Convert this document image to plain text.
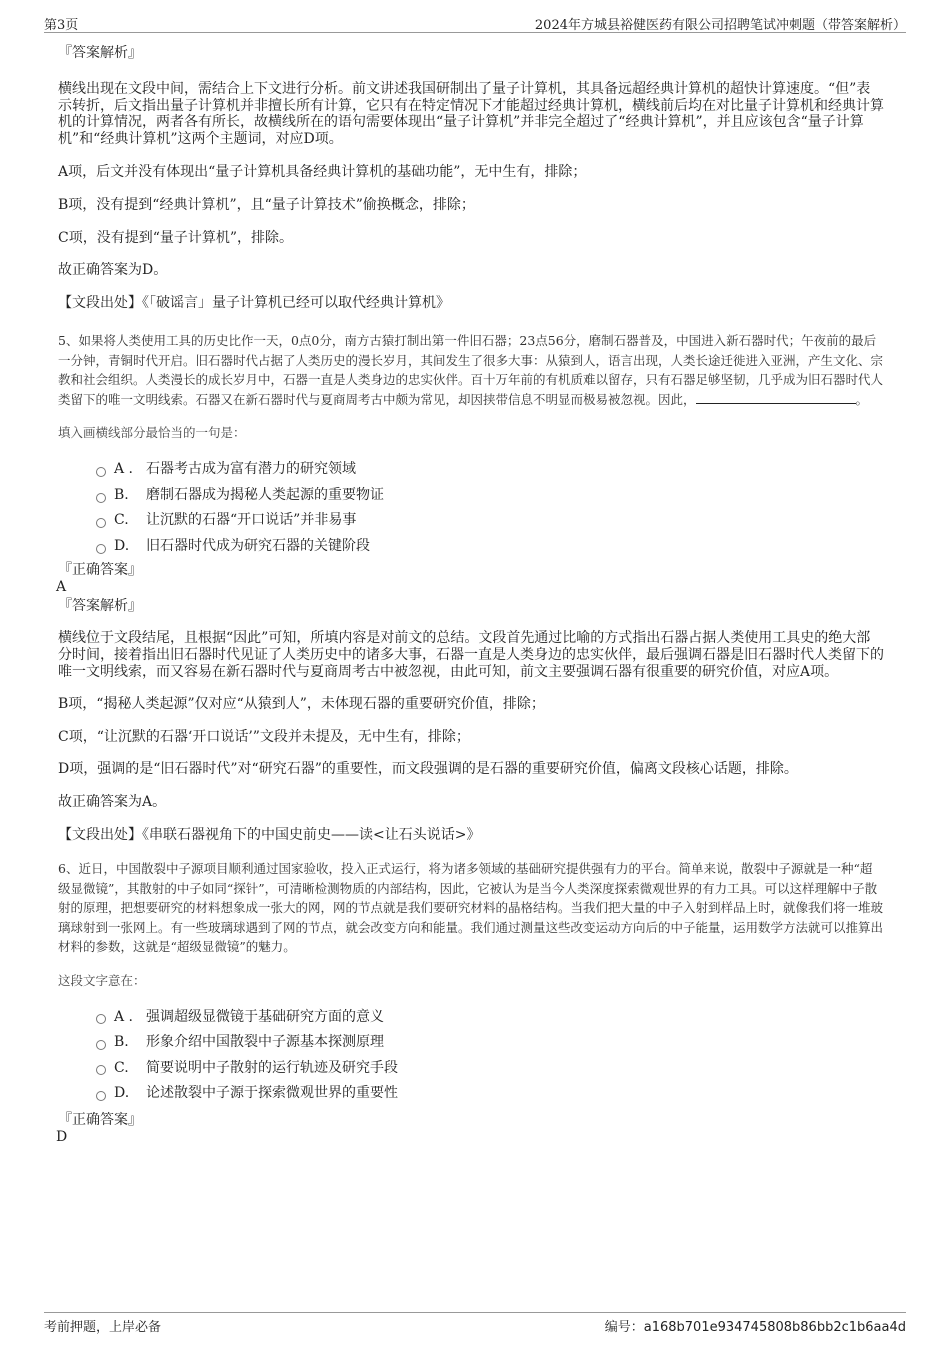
第3页	2024年方城县裕健医药有限公司招聘笔试冲刺题（带答案解析）

『答案解析』

横线出现在文段中间，需结合上下文进行分析。前文讲述我国研制出了量子计算机，其具备远超经典计算机的超快计算速度。“但”表示转折，后文指出量子计算机并非擅长所有计算，它只有在特定情况下才能超过经典计算机，横线前后均在对比量子计算机和经典计算机的计算情况，两者各有所长，故横线所在的语句需要体现出“量子计算机”并非完全超过了“经典计算机”，并且应该包含“量子计算机”和“经典计算机”这两个主题词，对应D项。

A项，后文并没有体现出“量子计算机具备经典计算机的基础功能”，无中生有，排除；

B项，没有提到“经典计算机”，且“量子计算技术”偷换概念，排除；

C项，没有提到“量子计算机”，排除。

故正确答案为D。

【文段出处】《「破谣言」量子计算机已经可以取代经典计算机》

5、如果将人类使用工具的历史比作一天，0点0分，南方古猿打制出第一件旧石器；23点56分，磨制石器普及，中国进入新石器时代；午夜前的最后一分钟，青铜时代开启。旧石器时代占据了人类历史的漫长岁月，其间发生了很多大事：从猿到人，语言出现，人类长途迁徙进入亚洲，产生文化、宗教和社会组织。人类漫长的成长岁月中，石器一直是人类身边的忠实伙伴。百十万年前的有机质难以留存，只有石器足够坚韧，几乎成为旧石器时代人类留下的唯一文明线索。石器又在新石器时代与夏商周考古中颇为常见，却因挟带信息不明显而极易被忽视。因此，	。

填入画横线部分最恰当的一句是：

A . 石器考古成为富有潜力的研究领域
B.	磨制石器成为揭秘人类起源的重要物证
C.	让沉默的石器“开口说话”并非易事
D.	旧石器时代成为研究石器的关键阶段

『正确答案』

A

『答案解析』

横线位于文段结尾，且根据“因此”可知，所填内容是对前文的总结。文段首先通过比喻的方式指出石器占据人类使用工具史的绝大部分时间，接着指出旧石器时代见证了人类历史中的诸多大事，石器一直是人类身边的忠实伙伴，最后强调石器是旧石器时代人类留下的唯一文明线索，而又容易在新石器时代与夏商周考古中被忽视，由此可知，前文主要强调石器有很重要的研究价值，对应A项。

B项，“揭秘人类起源”仅对应“从猿到人”，未体现石器的重要研究价值，排除；

C项，“让沉默的石器‘开口说话’”文段并未提及，无中生有，排除；

D项，强调的是“旧石器时代”对“研究石器”的重要性，而文段强调的是石器的重要研究价值，偏离文段核心话题，排除。

故正确答案为A。

【文段出处】《串联石器视角下的中国史前史——读<让石头说话>》

6、近日，中国散裂中子源项目顺利通过国家验收，投入正式运行，将为诸多领域的基础研究提供强有力的平台。简单来说，散裂中子源就是一种“超级显微镜”，其散射的中子如同“探针”，可清晰检测物质的内部结构，因此，它被认为是当今人类深度探索微观世界的有力工具。可以这样理解中子散射的原理，把想要研究的材料想象成一张大的网，网的节点就是我们要研究材料的晶格结构。当我们把大量的中子入射到样品上时，就像我们将一堆玻璃球射到一张网上。有一些玻璃球遇到了网的节点，就会改变方向和能量。我们通过测量这些改变运动方向后的中子能量，运用数学方法就可以推算出材料的参数，这就是“超级显微镜”的魅力。

这段文字意在：

A . 强调超级显微镜于基础研究方面的意义
B.	形象介绍中国散裂中子源基本探测原理
C.	简要说明中子散射的运行轨迹及研究手段
D.	论述散裂中子源于探索微观世界的重要性

『正确答案』

D

考前押题，上岸必备	编号：a168b701e934745808b86bb2c1b6aa4d
